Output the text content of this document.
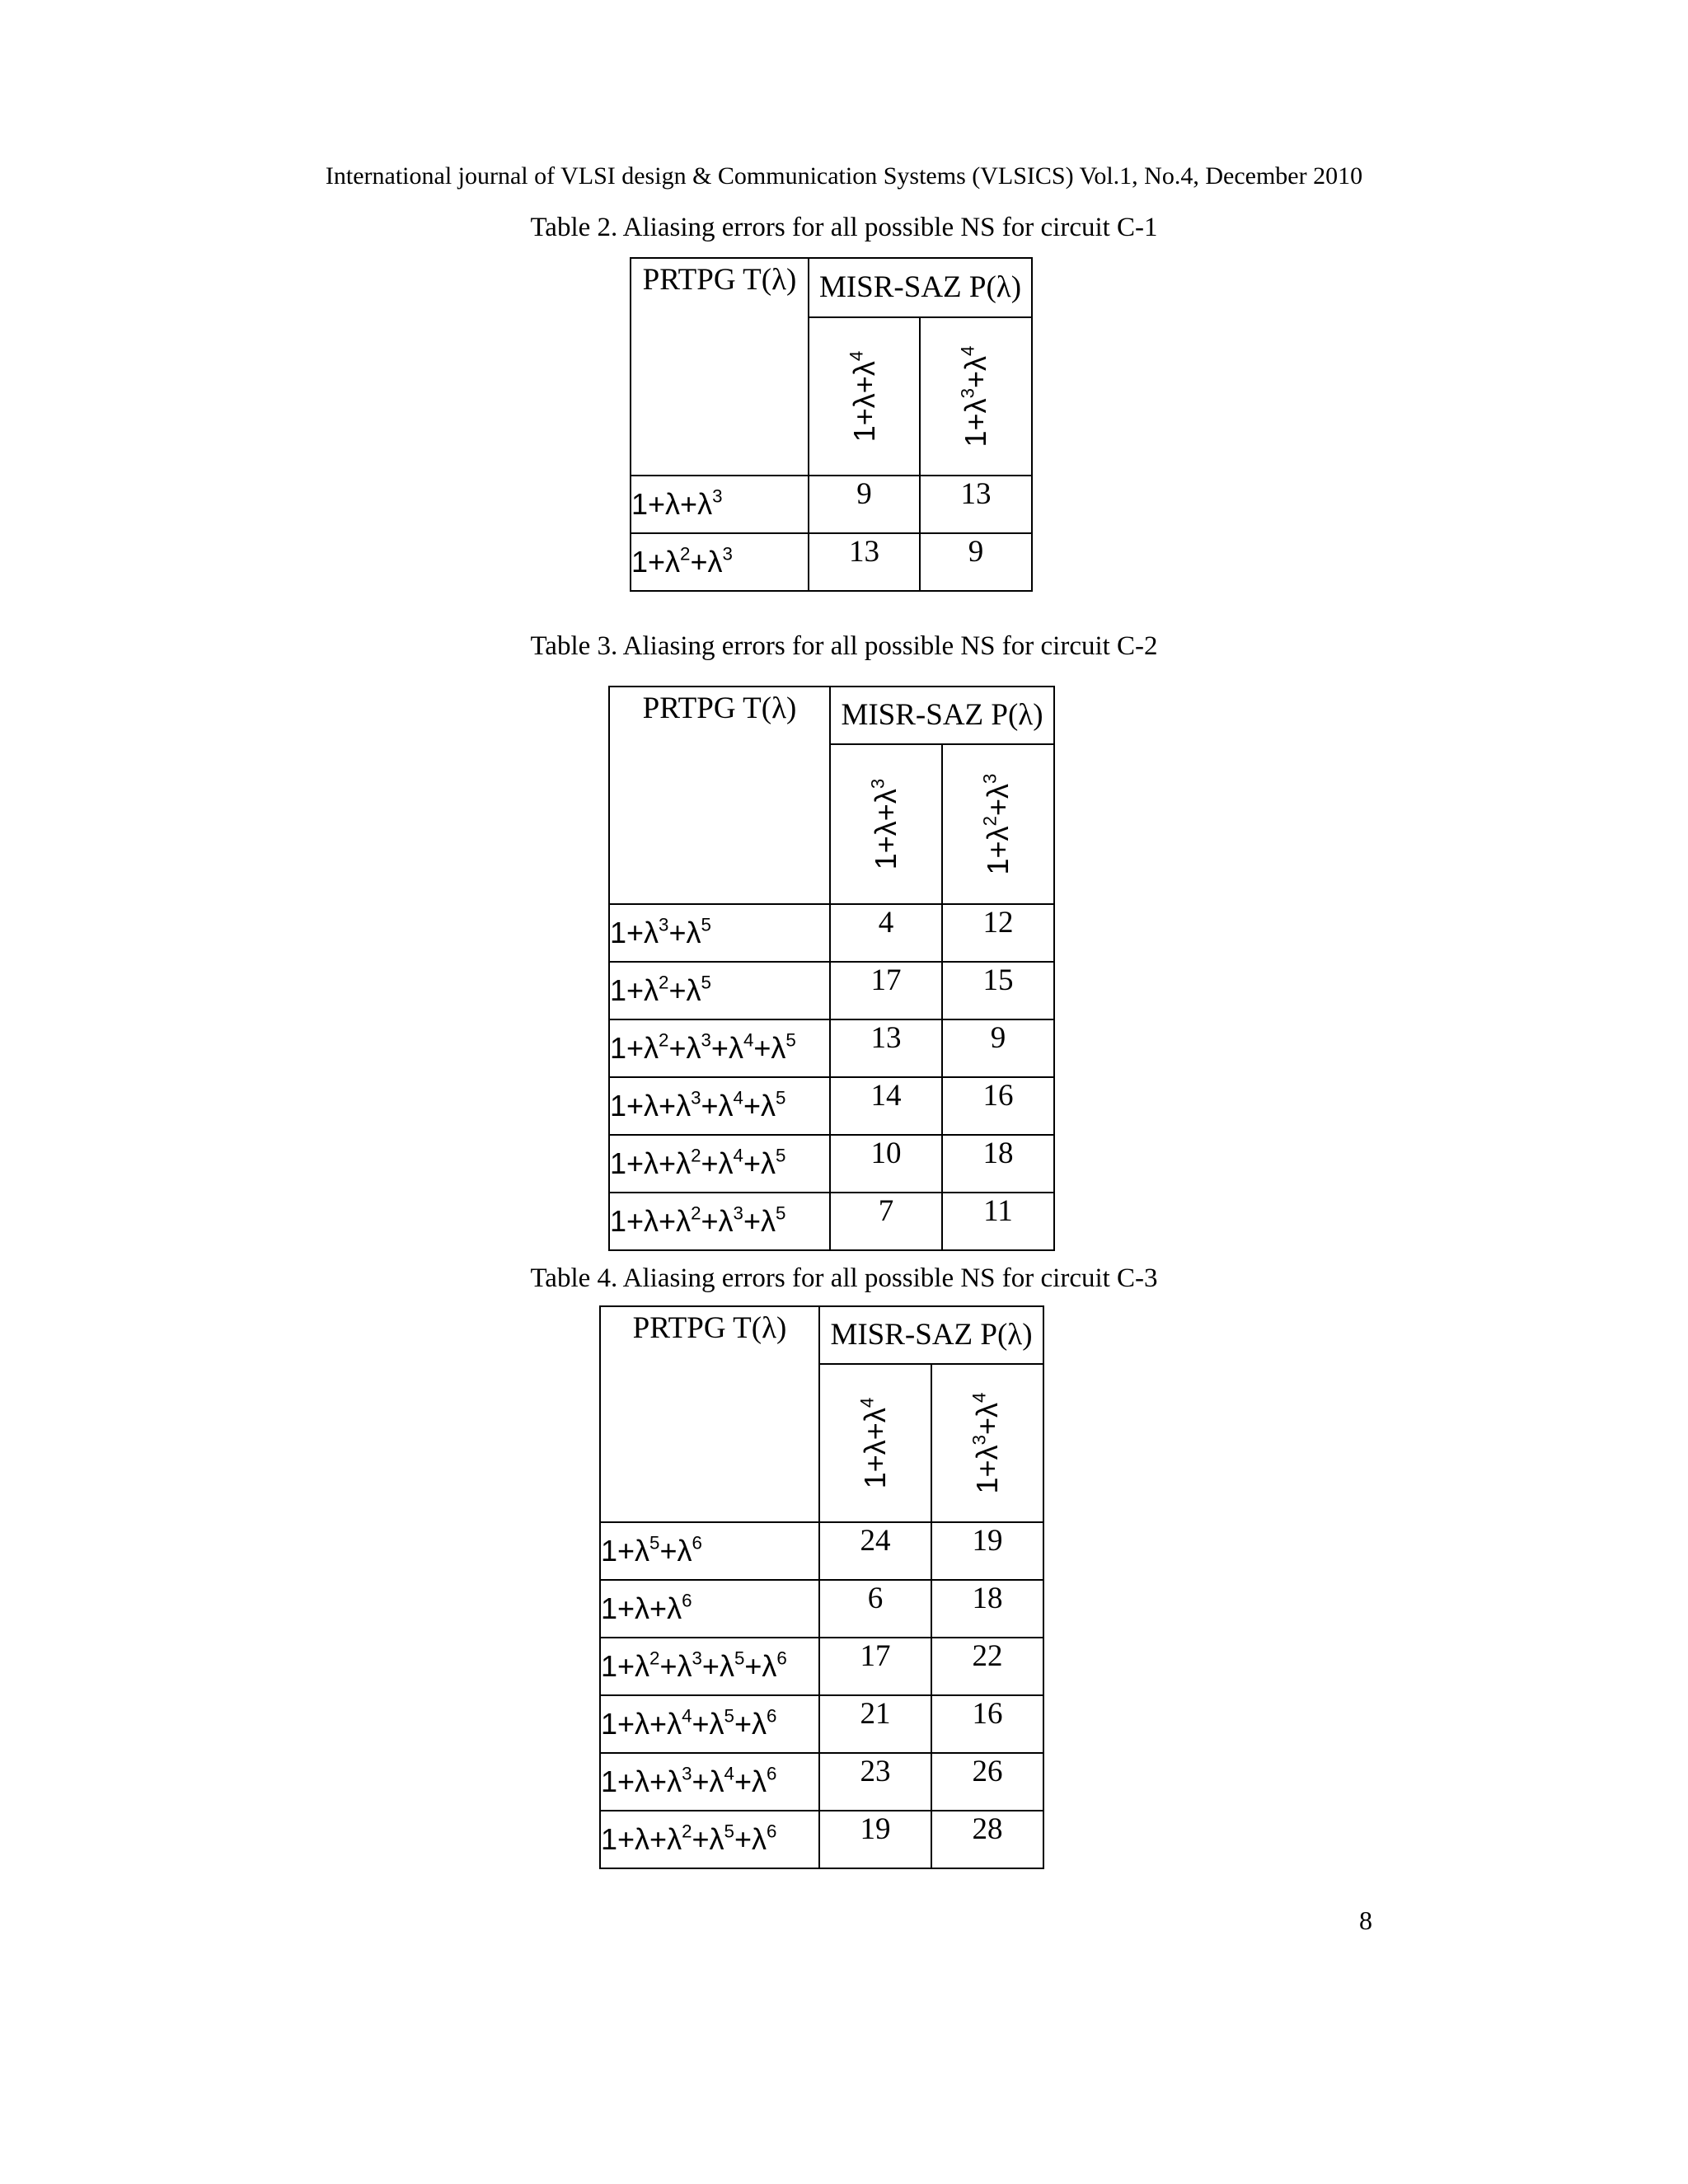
International journal of VLSI design & Communication Systems (VLSICS) Vol.1, No.4, December 2010
Table 2. Aliasing errors for all possible NS for circuit C-1
PRTPG T(λ)	MISR-SAZ P(λ)	

	$1+\lambda+\lambda^4$	$1+\lambda^3+\lambda^4$

$1+\lambda+\lambda^3$	9	13
$1+\lambda^2+\lambda^3$	13	9
Table 3. Aliasing errors for all possible NS for circuit C-2
PRTPG T(λ)	MISR-SAZ P(λ)	

	$1+\lambda+\lambda^3$	$1+\lambda^2+\lambda^3$

$1+\lambda^3+\lambda^5$	4	12
$1+\lambda^2+\lambda^5$	17	15
$1+\lambda^2+\lambda^3+\lambda^4+\lambda^5$	13	9
$1+\lambda+\lambda^3+\lambda^4+\lambda^5$	14	16
$1+\lambda+\lambda^2+\lambda^4+\lambda^5$	10	18
$1+\lambda+\lambda^2+\lambda^3+\lambda^5$	7	11
Table 4. Aliasing errors for all possible NS for circuit C-3
PRTPG T(λ)	MISR-SAZ P(λ)	

	$1+\lambda+\lambda^4$	$1+\lambda^3+\lambda^4$

$1+\lambda^5+\lambda^6$	24	19
$1+\lambda+\lambda^6$	6	18
$1+\lambda^2+\lambda^3+\lambda^5+\lambda^6$	17	22
$1+\lambda+\lambda^4+\lambda^5+\lambda^6$	21	16
$1+\lambda+\lambda^3+\lambda^4+\lambda^6$	23	26
$1+\lambda+\lambda^2+\lambda^5+\lambda^6$	19	28
8
